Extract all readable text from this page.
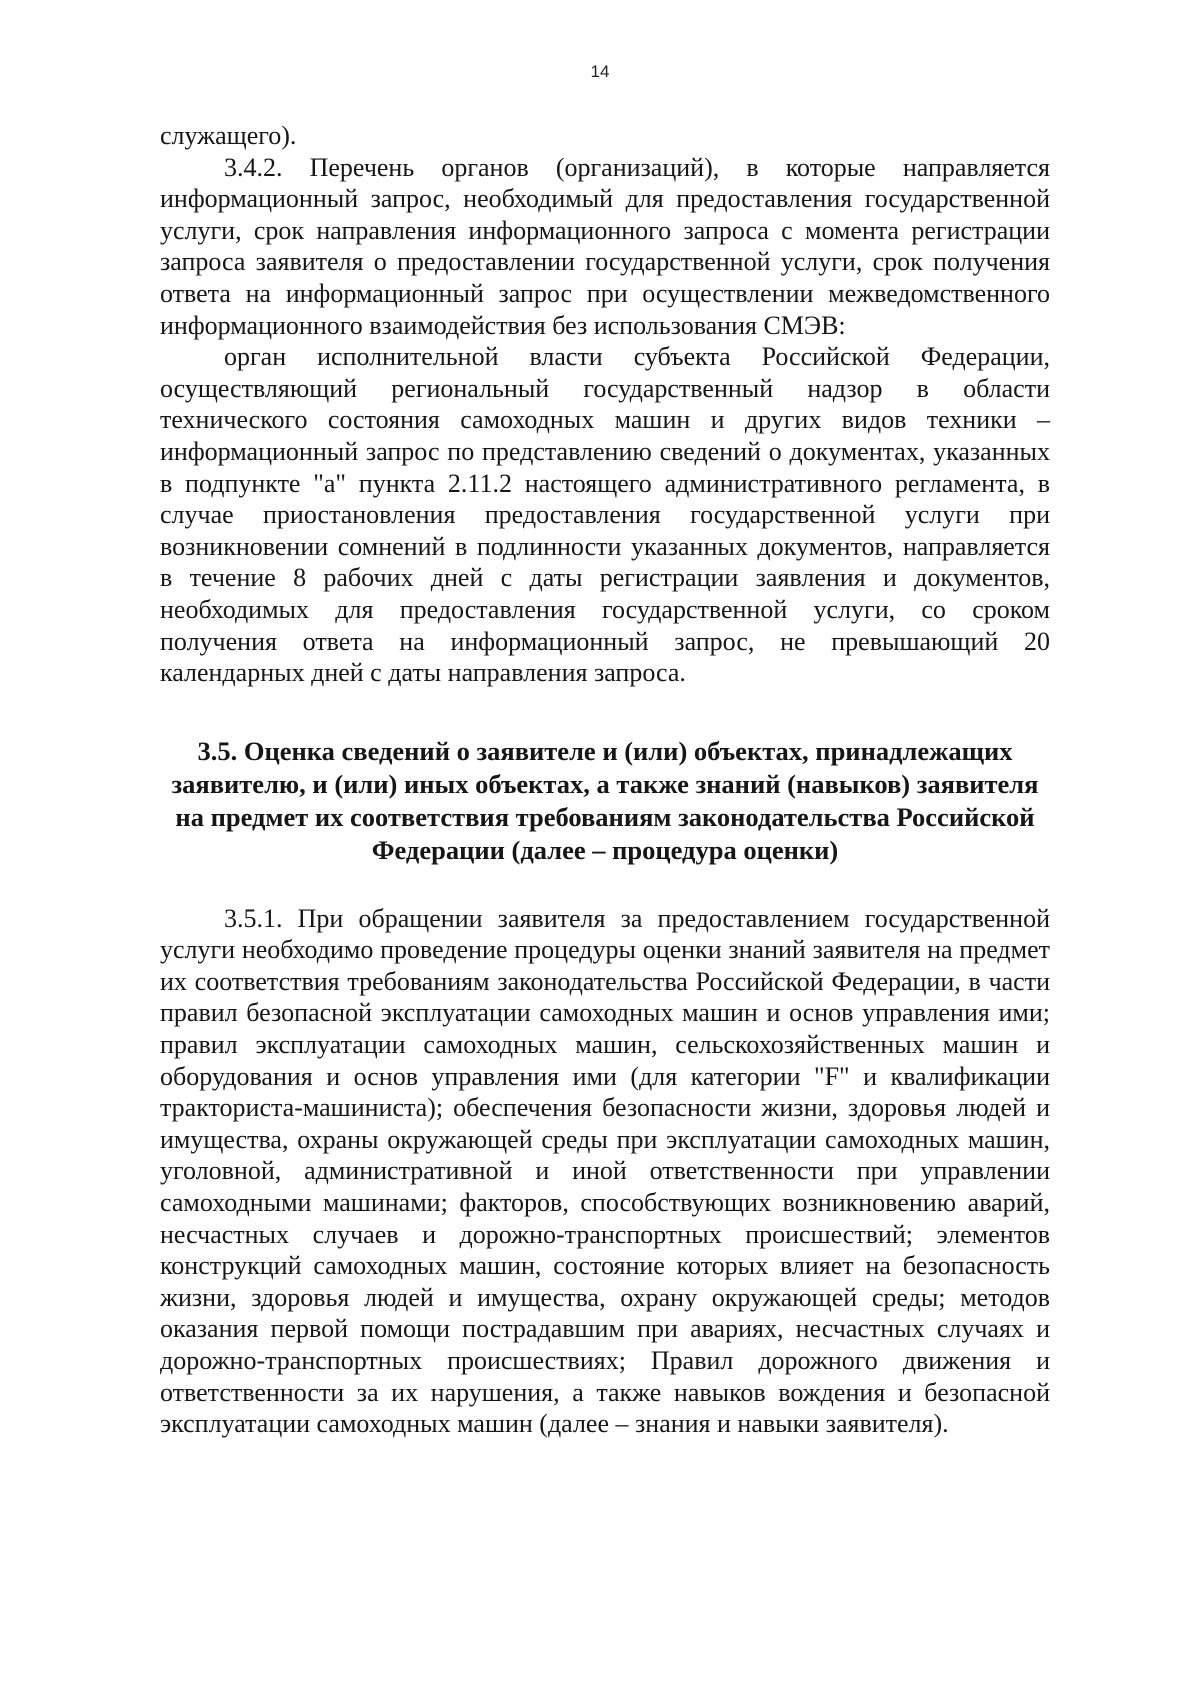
14

служащего).

3.4.2. Перечень органов (организаций), в которые направляется информационный запрос, необходимый для предоставления государственной услуги, срок направления информационного запроса с момента регистрации запроса заявителя о предоставлении государственной услуги, срок получения ответа на информационный запрос при осуществлении межведомственного информационного взаимодействия без использования СМЭВ:

орган исполнительной власти субъекта Российской Федерации, осуществляющий региональный государственный надзор в области технического состояния самоходных машин и других видов техники – информационный запрос по представлению сведений о документах, указанных в подпункте "а" пункта 2.11.2 настоящего административного регламента, в случае приостановления предоставления государственной услуги при возникновении сомнений в подлинности указанных документов, направляется в течение 8 рабочих дней с даты регистрации заявления и документов, необходимых для предоставления государственной услуги, со сроком получения ответа на информационный запрос, не превышающий 20 календарных дней с даты направления запроса.

3.5. Оценка сведений о заявителе и (или) объектах, принадлежащих заявителю, и (или) иных объектах, а также знаний (навыков) заявителя на предмет их соответствия требованиям законодательства Российской Федерации (далее – процедура оценки)

3.5.1. При обращении заявителя за предоставлением государственной услуги необходимо проведение процедуры оценки знаний заявителя на предмет их соответствия требованиям законодательства Российской Федерации, в части правил безопасной эксплуатации самоходных машин и основ управления ими; правил эксплуатации самоходных машин, сельскохозяйственных машин и оборудования и основ управления ими (для категории "F" и квалификации тракториста-машиниста); обеспечения безопасности жизни, здоровья людей и имущества, охраны окружающей среды при эксплуатации самоходных машин, уголовной, административной и иной ответственности при управлении самоходными машинами; факторов, способствующих возникновению аварий, несчастных случаев и дорожно-транспортных происшествий; элементов конструкций самоходных машин, состояние которых влияет на безопасность жизни, здоровья людей и имущества, охрану окружающей среды; методов оказания первой помощи пострадавшим при авариях, несчастных случаях и дорожно-транспортных происшествиях; Правил дорожного движения и ответственности за их нарушения, а также навыков вождения и безопасной эксплуатации самоходных машин (далее – знания и навыки заявителя).
